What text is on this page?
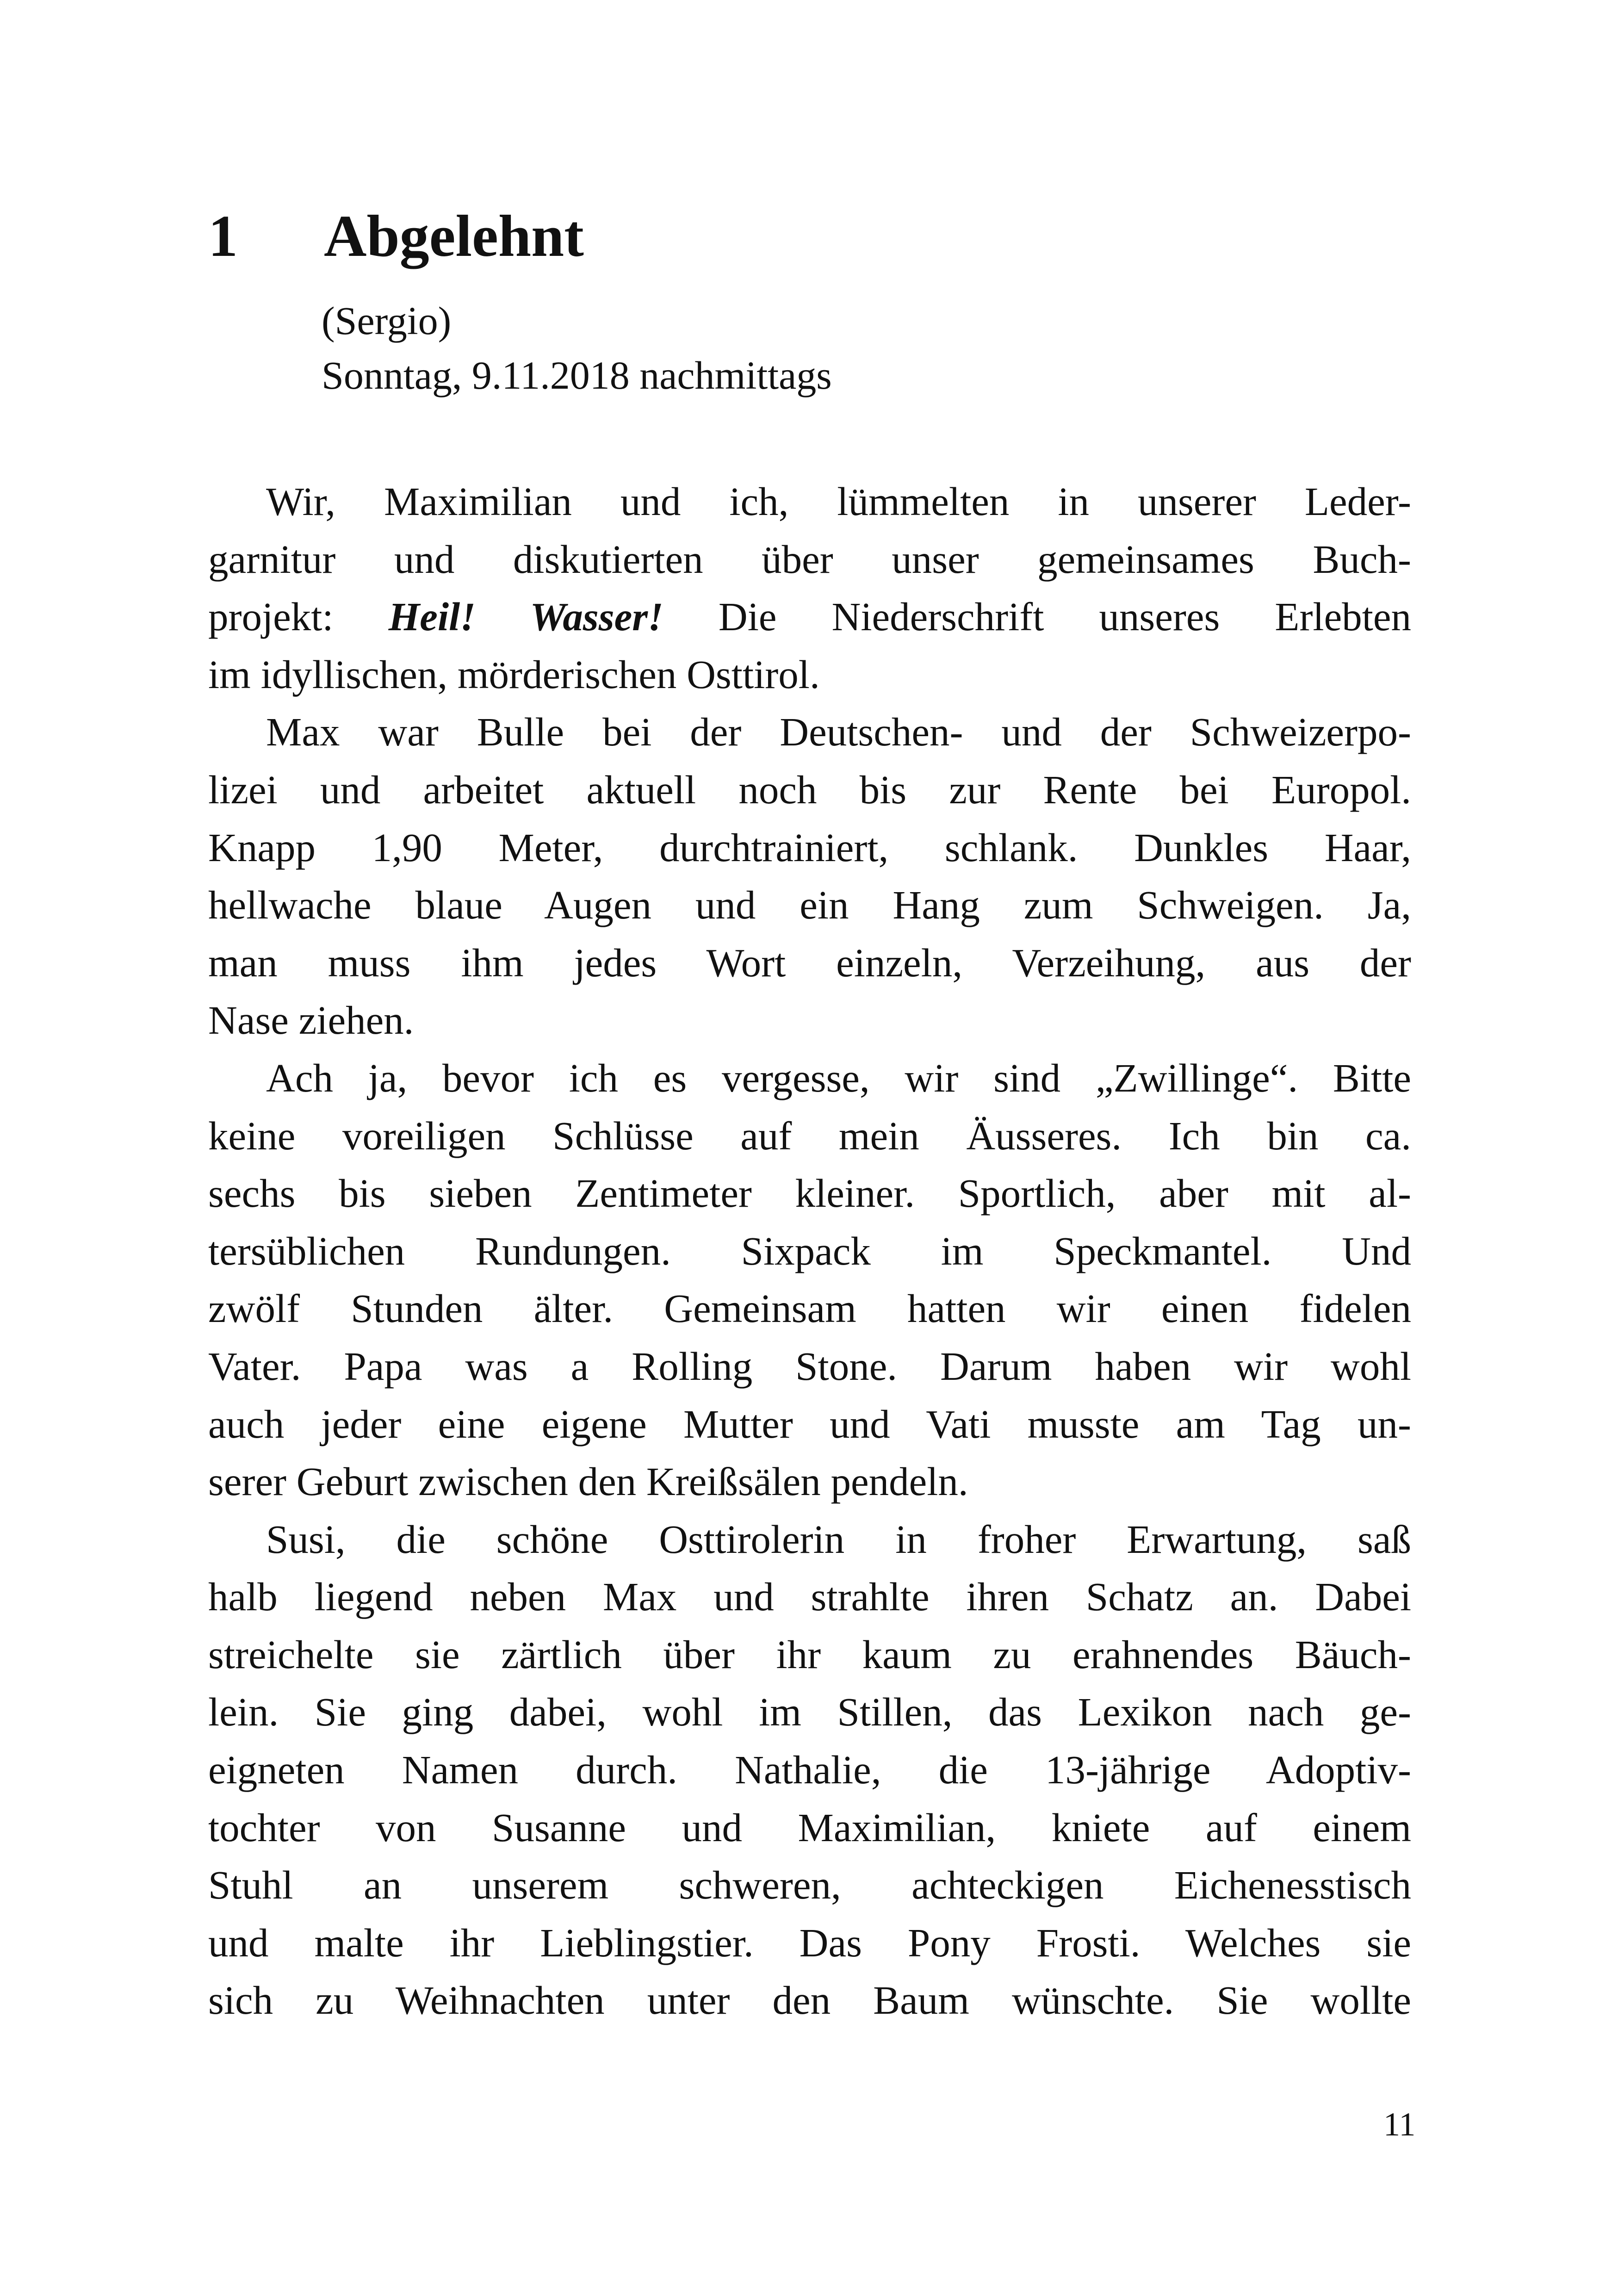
1 Abgelehnt

(Sergio)

Sonntag, 9.11.2018 nachmittags

Wir, Maximilian und ich, lümmelten in unserer Leder-
garnitur und diskutierten über unser gemeinsames Buch-
projekt: Heil! Wasser! Die Niederschrift unseres Erlebten
im idyllischen, mörderischen Osttirol.
Max war Bulle bei der Deutschen- und der Schweizerpo-
lizei und arbeitet aktuell noch bis zur Rente bei Europol.
Knapp 1,90 Meter, durchtrainiert, schlank. Dunkles Haar,
hellwache blaue Augen und ein Hang zum Schweigen. Ja,
man muss ihm jedes Wort einzeln, Verzeihung, aus der
Nase ziehen.
Ach ja, bevor ich es vergesse, wir sind „Zwillinge“. Bitte
keine voreiligen Schlüsse auf mein Äusseres. Ich bin ca.
sechs bis sieben Zentimeter kleiner. Sportlich, aber mit al-
tersüblichen Rundungen. Sixpack im Speckmantel. Und
zwölf Stunden älter. Gemeinsam hatten wir einen fidelen
Vater. Papa was a Rolling Stone. Darum haben wir wohl
auch jeder eine eigene Mutter und Vati musste am Tag un-
serer Geburt zwischen den Kreißsälen pendeln.
Susi, die schöne Osttirolerin in froher Erwartung, saß
halb liegend neben Max und strahlte ihren Schatz an. Dabei
streichelte sie zärtlich über ihr kaum zu erahnendes Bäuch-
lein. Sie ging dabei, wohl im Stillen, das Lexikon nach ge-
eigneten Namen durch. Nathalie, die 13-jährige Adoptiv-
tochter von Susanne und Maximilian, kniete auf einem
Stuhl an unserem schweren, achteckigen Eichenesstisch
und malte ihr Lieblingstier. Das Pony Frosti. Welches sie
sich zu Weihnachten unter den Baum wünschte. Sie wollte

11
